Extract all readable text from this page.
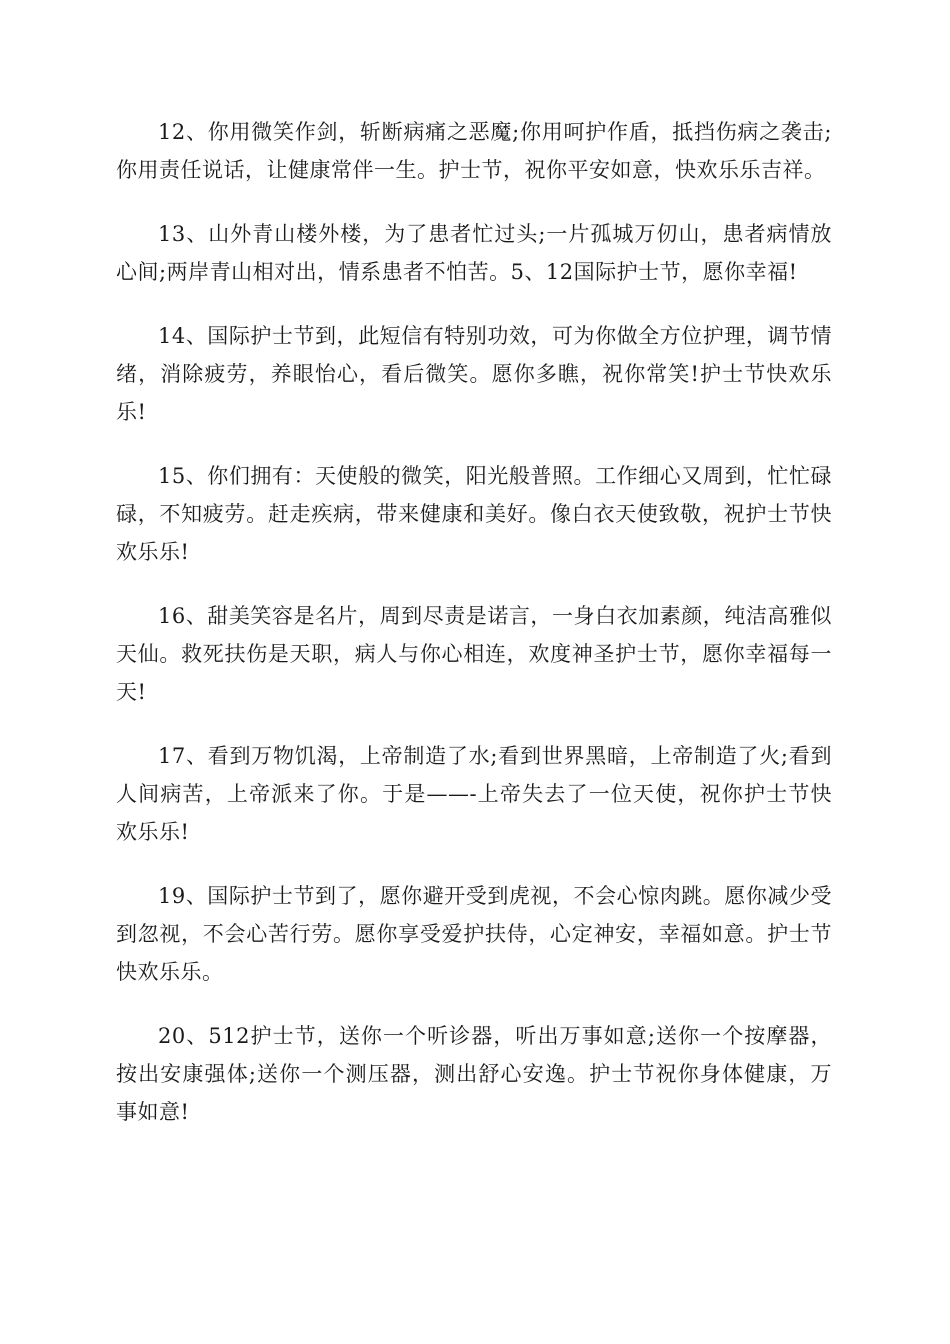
12、你用微笑作剑，斩断病痛之恶魔;你用呵护作盾，抵挡伤病之袭击;你用责任说话，让健康常伴一生。护士节，祝你平安如意，快欢乐乐吉祥。

13、山外青山楼外楼，为了患者忙过头;一片孤城万仞山，患者病情放心间;两岸青山相对出，情系患者不怕苦。5、12国际护士节，愿你幸福!

14、国际护士节到，此短信有特别功效，可为你做全方位护理，调节情绪，消除疲劳，养眼怡心，看后微笑。愿你多瞧，祝你常笑!护士节快欢乐乐!

15、你们拥有：天使般的微笑，阳光般普照。工作细心又周到，忙忙碌碌，不知疲劳。赶走疾病，带来健康和美好。像白衣天使致敬，祝护士节快欢乐乐!

16、甜美笑容是名片，周到尽责是诺言，一身白衣加素颜，纯洁高雅似天仙。救死扶伤是天职，病人与你心相连，欢度神圣护士节，愿你幸福每一天!

17、看到万物饥渴，上帝制造了水;看到世界黑暗，上帝制造了火;看到人间病苦，上帝派来了你。于是——-上帝失去了一位天使，祝你护士节快欢乐乐!

19、国际护士节到了，愿你避开受到虎视，不会心惊肉跳。愿你减少受到忽视，不会心苦行劳。愿你享受爱护扶侍，心定神安，幸福如意。护士节快欢乐乐。

20、512护士节，送你一个听诊器，听出万事如意;送你一个按摩器，按出安康强体;送你一个测压器，测出舒心安逸。护士节祝你身体健康，万事如意!
